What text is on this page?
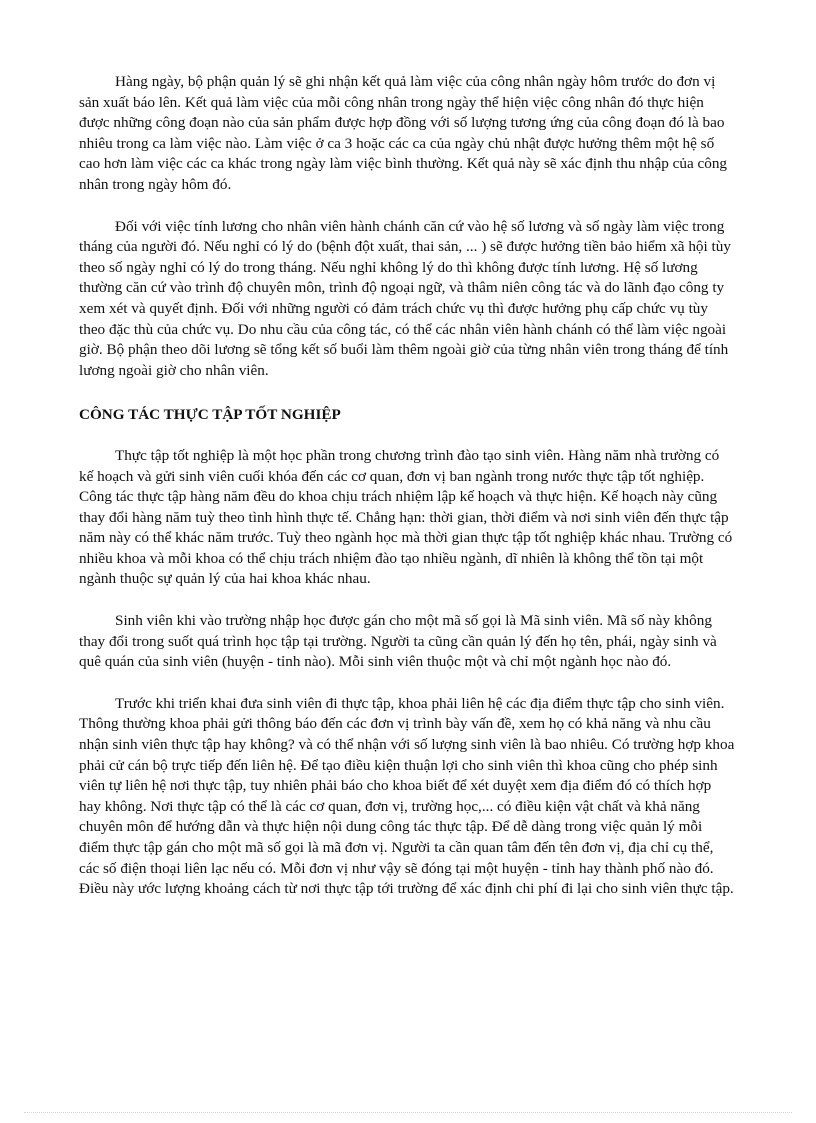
Hàng ngày, bộ phận quản lý sẽ ghi nhận kết quả làm việc của công nhân ngày hôm trước do đơn vị sản xuất báo lên. Kết quả làm việc của mỗi công nhân trong ngày thể hiện việc công nhân đó thực hiện được những công đoạn nào của sản phẩm được hợp đồng với số lượng tương ứng của công đoạn đó là bao nhiêu trong ca làm việc nào. Làm việc ở ca 3 hoặc các ca của ngày chủ nhật được hưởng thêm một hệ số cao hơn làm việc các ca khác trong ngày làm việc bình thường. Kết quả này sẽ xác định thu nhập của công nhân trong ngày hôm đó.

Đối với việc tính lương cho nhân viên hành chánh căn cứ vào hệ số lương và số ngày làm việc trong tháng của người đó. Nếu nghỉ có lý do (bệnh đột xuất, thai sản, ... ) sẽ được hưởng tiền bảo hiểm xã hội tùy theo số ngày nghỉ có lý do trong tháng. Nếu nghỉ không lý do thì không được tính lương. Hệ số lương thường căn cứ vào trình độ chuyên môn, trình độ ngoại ngữ, và thâm niên công tác và do lãnh đạo công ty xem xét và quyết định. Đối với những người có đảm trách chức vụ thì được hưởng phụ cấp chức vụ tùy theo đặc thù của chức vụ. Do nhu cầu của công tác, có thể các nhân viên hành chánh có thể làm việc ngoài giờ. Bộ phận theo dõi lương sẽ tổng kết số buổi làm thêm ngoài giờ của từng nhân viên trong tháng để tính lương ngoài giờ cho nhân viên.

CÔNG TÁC THỰC TẬP TỐT NGHIỆP

Thực tập tốt nghiệp là một học phần trong chương trình đào tạo sinh viên. Hàng năm nhà trường có kế hoạch và gửi sinh viên cuối khóa đến các cơ quan, đơn vị ban ngành trong nước thực tập tốt nghiệp. Công tác thực tập hàng năm đều do khoa chịu trách nhiệm lập kế hoạch và thực hiện. Kế hoạch này cũng thay đổi hàng năm tuỳ theo tình hình thực tế. Chẳng hạn: thời gian, thời điểm và nơi sinh viên đến thực tập năm này có thể khác năm trước. Tuỳ theo ngành học mà thời gian thực tập tốt nghiệp khác nhau. Trường có nhiều khoa và mỗi khoa có thể chịu trách nhiệm đào tạo nhiều ngành, dĩ nhiên là không thể tồn tại một ngành thuộc sự quản lý của hai khoa khác nhau.

Sinh viên khi vào trường nhập học được gán cho một mã số gọi là Mã sinh viên. Mã số này không thay đổi trong suốt quá trình học tập tại trường. Người ta cũng cần quản lý đến họ tên, phái, ngày sinh và quê quán của sinh viên (huyện - tỉnh nào). Mỗi sinh viên thuộc một và chỉ một ngành học nào đó.

Trước khi triển khai đưa sinh viên đi thực tập, khoa phải liên hệ các địa điểm thực tập cho sinh viên. Thông thường khoa phải gửi thông báo đến các đơn vị trình bày vấn đề, xem họ có khả năng và nhu cầu nhận sinh viên thực tập hay không? và có thể nhận với số lượng sinh viên là bao nhiêu. Có trường hợp khoa phải cử cán bộ trực tiếp đến liên hệ. Để tạo điều kiện thuận lợi cho sinh viên thì khoa cũng cho phép sinh viên tự liên hệ nơi thực tập, tuy nhiên phải báo cho khoa biết để xét duyệt xem địa điểm đó có thích hợp hay không. Nơi thực tập có thể là các cơ quan, đơn vị, trường học,... có điều kiện vật chất và khả năng chuyên môn để hướng dẫn và thực hiện nội dung công tác thực tập. Để dễ dàng trong việc quản lý mỗi điểm thực tập gán cho một mã số gọi là mã đơn vị. Người ta cần quan tâm đến tên đơn vị, địa chỉ cụ thể, các số điện thoại liên lạc nếu có. Mỗi đơn vị như vậy sẽ đóng tại một huyện - tỉnh hay thành phố nào đó. Điều này ước lượng khoảng cách từ nơi thực tập tới trường để xác định chi phí đi lại cho sinh viên thực tập.
